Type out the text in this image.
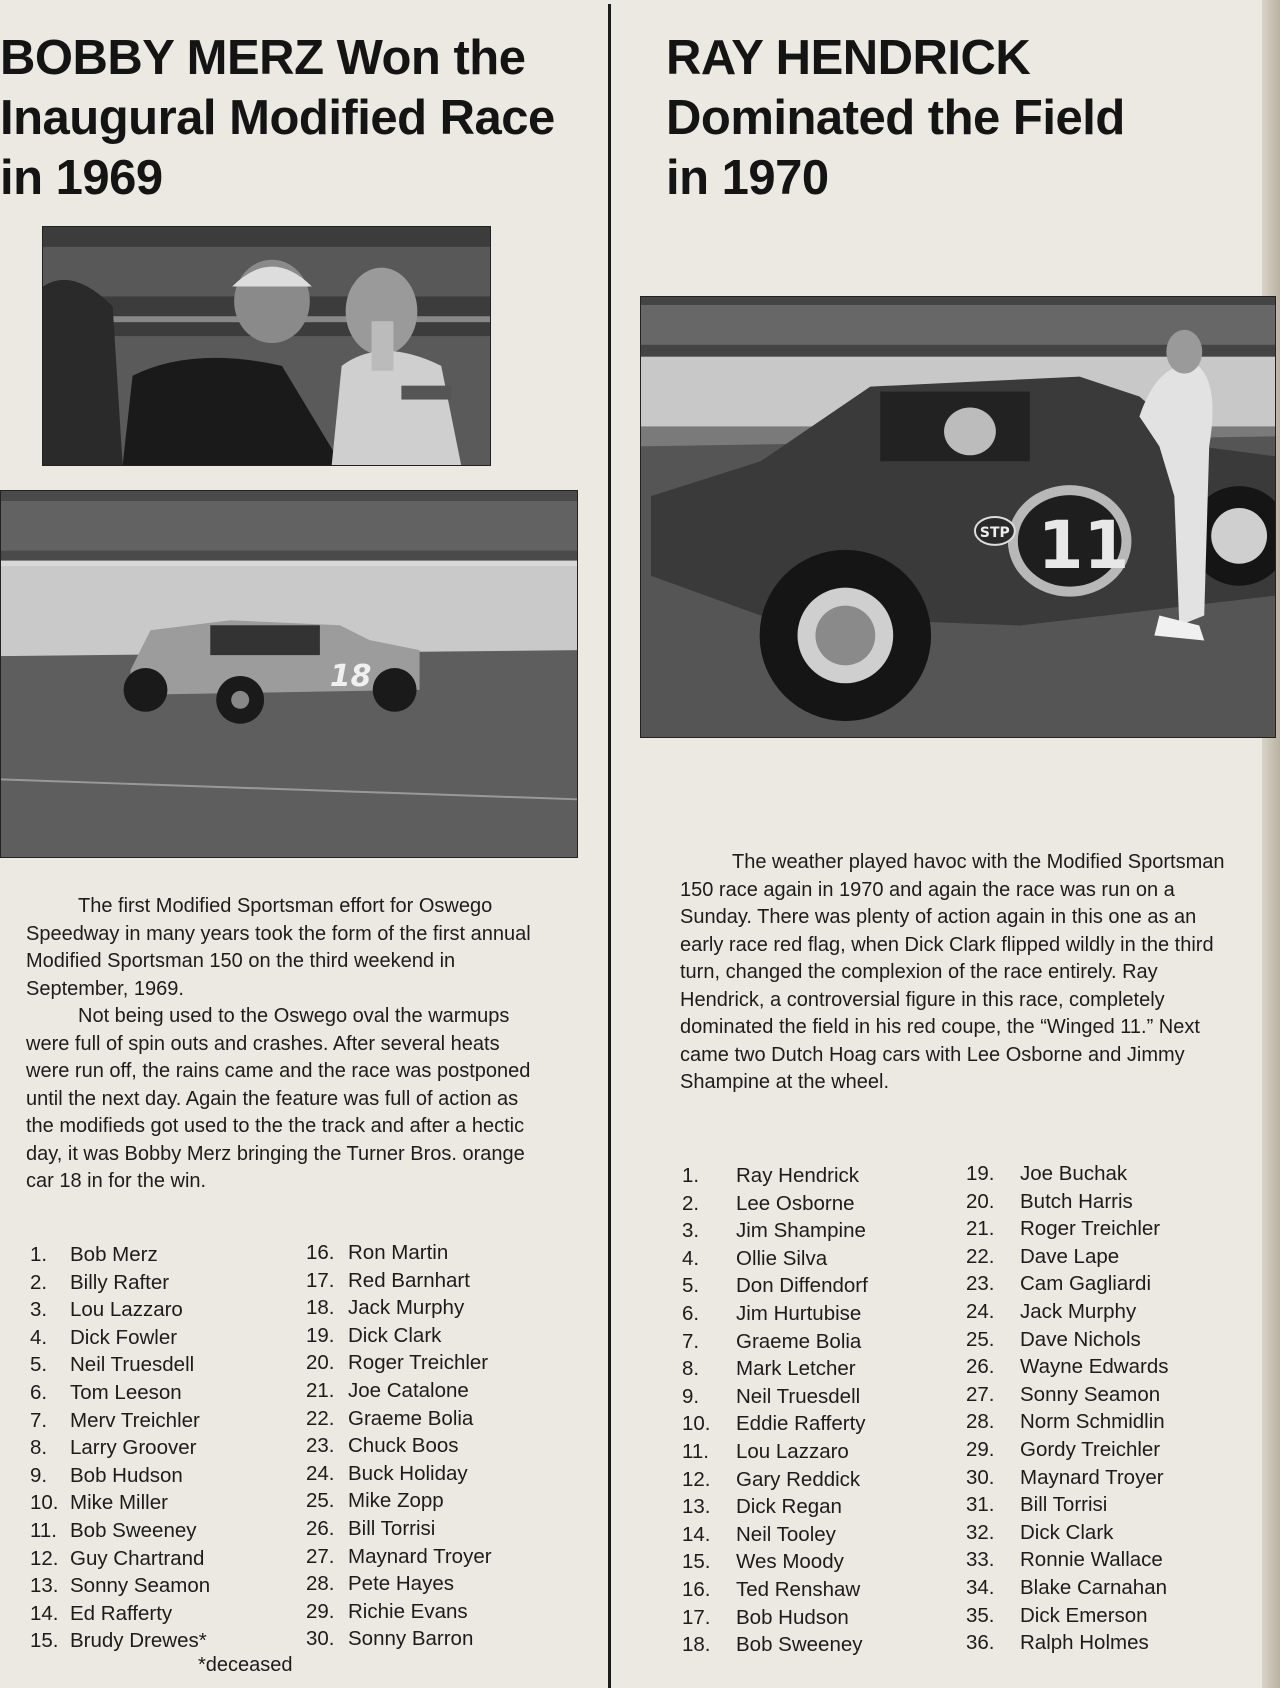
BOBBY MERZ Won the
Inaugural Modified Race
in 1969
18

The first Modified Sportsman effort for Oswego Speedway in many years took the form of the first annual Modified Sportsman 150 on the third weekend in September, 1969.

Not being used to the Oswego oval the warmups were full of spin outs and crashes. After several heats were run off, the rains came and the race was postponed until the next day. Again the feature was full of action as the modifieds got used to the the track and after a hectic day, it was Bobby Merz bringing the Turner Bros. orange car 18 in for the win.

1.	Bob Merz
2.	Billy Rafter
3.	Lou Lazzaro
4.	Dick Fowler
5.	Neil Truesdell
6.	Tom Leeson
7.	Merv Treichler
8.	Larry Groover
9.	Bob Hudson
10. Mike Miller
11. Bob Sweeney
12. Guy Chartrand
13. Sonny Seamon
14. Ed Rafferty
15. Brudy Drewes*
16. Ron Martin
17. Red Barnhart
18. Jack Murphy
19. Dick Clark
20. Roger Treichler
21. Joe Catalone
22. Graeme Bolia
23. Chuck Boos
24. Buck Holiday
25. Mike Zopp
26. Bill Torrisi
27. Maynard Troyer
28. Pete Hayes
29. Richie Evans
30. Sonny Barron
*deceased
RAY HENDRICK
Dominated the Field
in 1970
11
STP

The weather played havoc with the Modified Sportsman 150 race again in 1970 and again the race was run on a Sunday. There was plenty of action again in this one as an early race red flag, when Dick Clark flipped wildly in the third turn, changed the complexion of the race entirely. Ray Hendrick, a controversial figure in this race, completely dominated the field in his red coupe, the “Winged 11.” Next came two Dutch Hoag cars with Lee Osborne and Jimmy Shampine at the wheel.

1.	Ray Hendrick
2.	Lee Osborne
3.	Jim Shampine
4.	Ollie Silva
5.	Don Diffendorf
6.	Jim Hurtubise
7.	Graeme Bolia
8.	Mark Letcher
9.	Neil Truesdell
10.	Eddie Rafferty
11.	Lou Lazzaro
12.	Gary Reddick
13.	Dick Regan
14.	Neil Tooley
15.	Wes Moody
16.	Ted Renshaw
17.	Bob Hudson
18.	Bob Sweeney
19.	Joe Buchak
20.	Butch Harris
21.	Roger Treichler
22.	Dave Lape
23.	Cam Gagliardi
24.	Jack Murphy
25.	Dave Nichols
26.	Wayne Edwards
27.	Sonny Seamon
28.	Norm Schmidlin
29.	Gordy Treichler
30.	Maynard Troyer
31.	Bill Torrisi
32.	Dick Clark
33.	Ronnie Wallace
34.	Blake Carnahan
35.	Dick Emerson
36.	Ralph Holmes
